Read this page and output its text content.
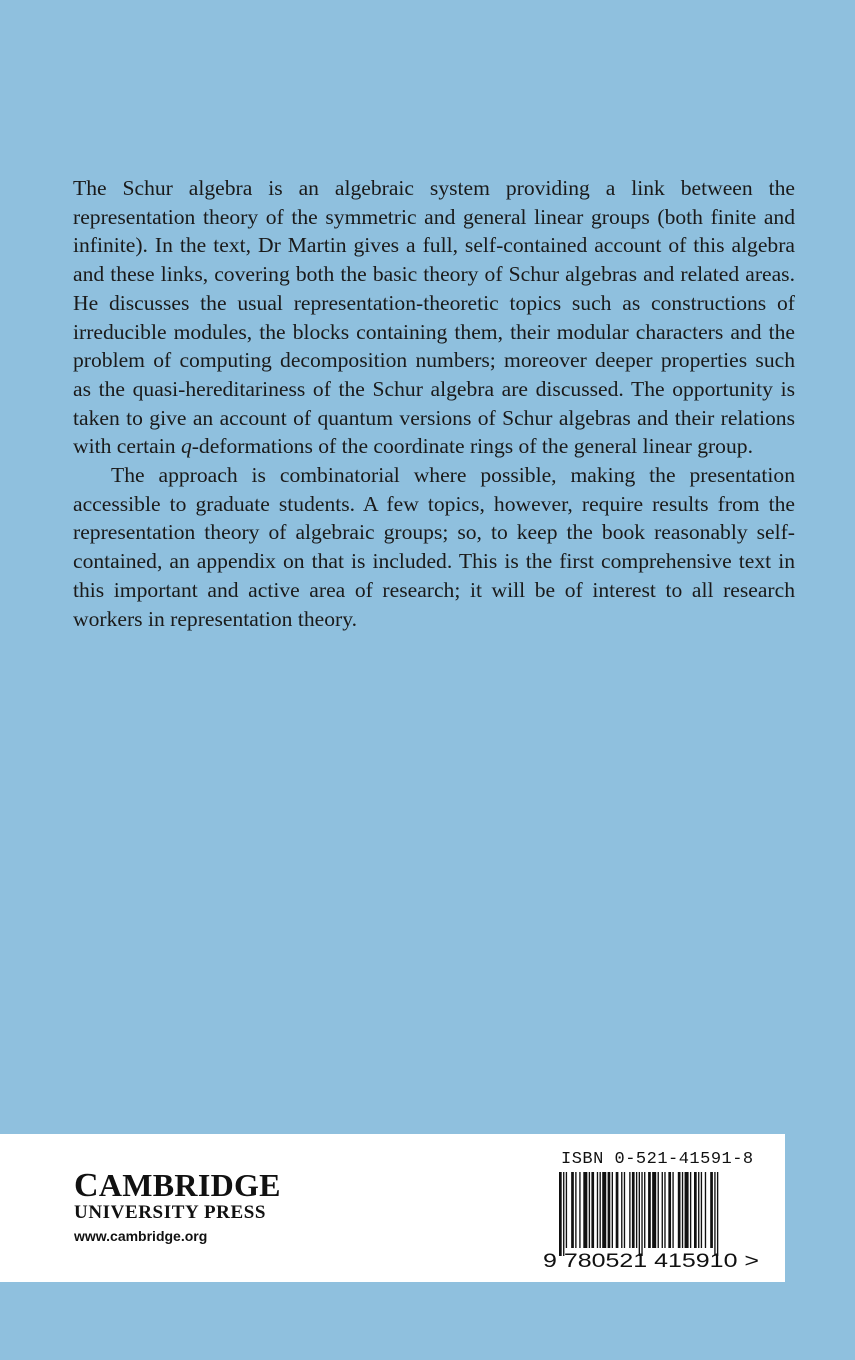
The Schur algebra is an algebraic system providing a link between the representation theory of the symmetric and general linear groups (both finite and infinite). In the text, Dr Martin gives a full, self-contained account of this algebra and these links, covering both the basic theory of Schur algebras and related areas. He discusses the usual representation-theoretic topics such as constructions of irreducible modules, the blocks containing them, their modular characters and the problem of computing decomposition numbers; moreover deeper properties such as the quasi-hereditariness of the Schur algebra are discussed. The opportunity is taken to give an account of quantum versions of Schur algebras and their relations with certain q-deformations of the coordinate rings of the general linear group.

The approach is combinatorial where possible, making the presentation accessible to graduate students. A few topics, however, require results from the representation theory of algebraic groups; so, to keep the book reasonably self-contained, an appendix on that is included. This is the first comprehensive text in this important and active area of research; it will be of interest to all research workers in representation theory.

CAMBRIDGE
UNIVERSITY PRESS
www.cambridge.org
ISBN 0-521-41591-8
9 780521 415910 >
